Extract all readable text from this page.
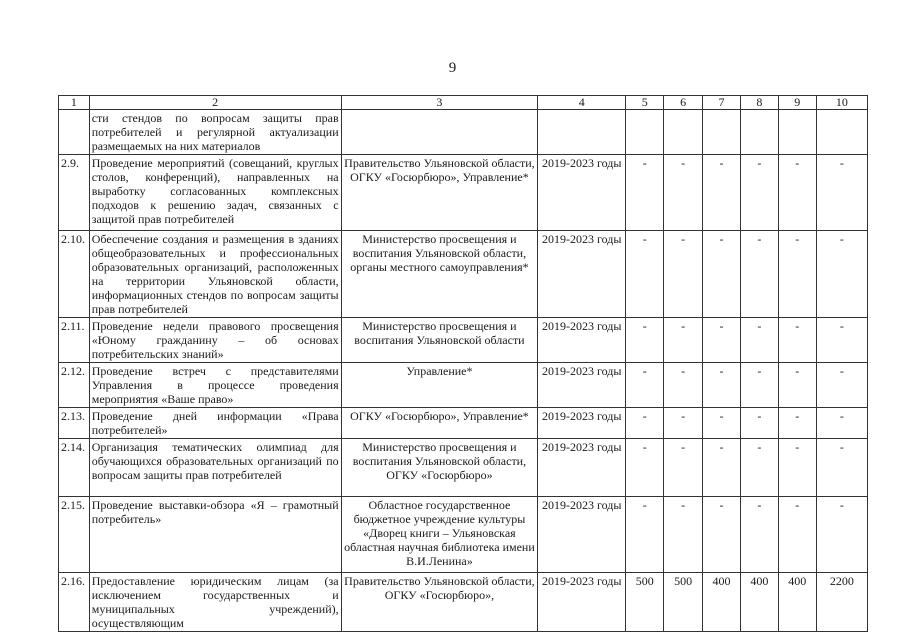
9
1	2	3	4	5	6	7	8	9	10
	сти стендов по вопросам защиты прав потребителей и регулярной актуализации размещаемых на них материалов								
2.9.	Проведение мероприятий (совещаний, круглых столов, конференций), направленных на выработку согласованных комплексных подходов к решению задач, связанных с защитой прав потребителей	Правительство Ульяновской области, ОГКУ «Госюрбюро», Управление*	2019-2023 годы	-	-	-	-	-	-
2.10.	Обеспечение создания и размещения в зданиях общеобразовательных и профессиональных образовательных организаций, расположенных на территории Ульяновской области, информационных стендов по вопросам защиты прав потребителей	Министерство просвещения и воспитания Ульяновской области, органы местного самоуправления*	2019-2023 годы	-	-	-	-	-	-
2.11.	Проведение недели правового просвещения «Юному гражданину – об основах потребительских знаний»	Министерство просвещения и воспитания Ульяновской области	2019-2023 годы	-	-	-	-	-	-
2.12.	Проведение встреч с представителями Управления в процессе проведения мероприятия «Ваше право»	Управление*	2019-2023 годы	-	-	-	-	-	-
2.13.	Проведение дней информации «Права потребителей»	ОГКУ «Госюрбюро», Управление*	2019-2023 годы	-	-	-	-	-	-
2.14.	Организация тематических олимпиад для обучающихся образовательных организаций по вопросам защиты прав потребителей	Министерство просвещения и воспитания Ульяновской области, ОГКУ «Госюрбюро»	2019-2023 годы	-	-	-	-	-	-
2.15.	Проведение выставки-обзора «Я – грамотный потребитель»	Областное государственное бюджетное учреждение культуры «Дворец книги – Ульяновская областная научная библиотека имени В.И.Ленина»	2019-2023 годы	-	-	-	-	-	-
2.16.	Предоставление юридическим лицам (за исключением государственных и муниципальных учреждений), осуществляющим	Правительство Ульяновской области, ОГКУ «Госюрбюро»,	2019-2023 годы	500	500	400	400	400	2200
